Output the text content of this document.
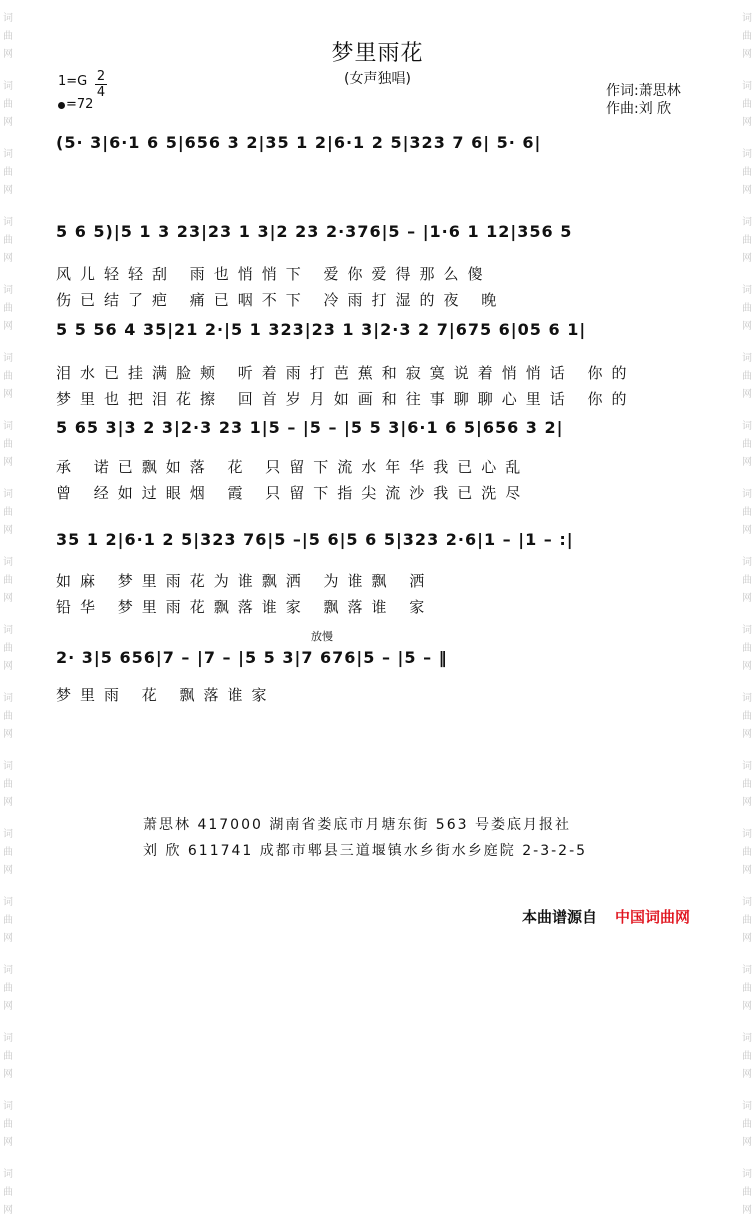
词
曲
网
词
曲
网
词
曲
网
词
曲
网
词
曲
网
词
曲
网
词
曲
网
词
曲
网
词
曲
网
词
曲
网
词
曲
网
词
曲
网
词
曲
网
词
曲
网
词
曲
网
词
曲
网
词
曲
网
词
曲
网
词
曲
网
词
曲
网
词
曲
网
词
曲
网
词
曲
网
词
曲
网
词
曲
网
词
曲
网
词
曲
网
词
曲
网
词
曲
网
词
曲
网
词
曲
网
词
曲
网
词
曲
网
词
曲
网
词
曲
网
词
曲
网
梦里雨花
(女声独唱)
1=G 2
4
=72
作词:萧思林
作曲:刘 欣
(5· 3|6·1 6 5|656 3 2|35 1 2|6·1 2 5|323 7 6| 5· 6|
5 6 5)|5 1 3 23|23 1 3|2 23 2·376|5 – |1·6 1 12|356 5
风儿轻轻刮 雨也悄悄下 爱你爱得那么傻
伤已结了疤 痛已咽不下 冷雨打湿的夜 晚
5 5 56 4 35|21 2·|5 1 323|23 1 3|2·3 2 7|675 6|05 6 1|
泪水已挂满脸颊 听着雨打芭蕉和寂寞说着悄悄话 你的
梦里也把泪花擦 回首岁月如画和往事聊聊心里话 你的
5 65 3|3 2 3|2·3 23 1|5 – |5 – |5 5 3|6·1 6 5|656 3 2|
承 诺已飘如落 花 只留下流水年华我已心乱
曾 经如过眼烟 霞 只留下指尖流沙我已洗尽
35 1 2|6·1 2 5|323 76|5 –|5 6|5 6 5|323 2·6|1 – |1 – :|
如麻 梦里雨花为谁飘洒 为谁飘 洒
铅华 梦里雨花飘落谁家 飘落谁 家
放慢
2· 3|5 656|7 – |7 – |5 5 3|7 676|5 – |5 – ‖
梦里雨 花 飘落谁家
萧思林 417000 湖南省娄底市月塘东街 563 号娄底月报社
刘 欣 611741 成都市郫县三道堰镇水乡街水乡庭院 2-3-2-5
本曲谱源自 中国词曲网
